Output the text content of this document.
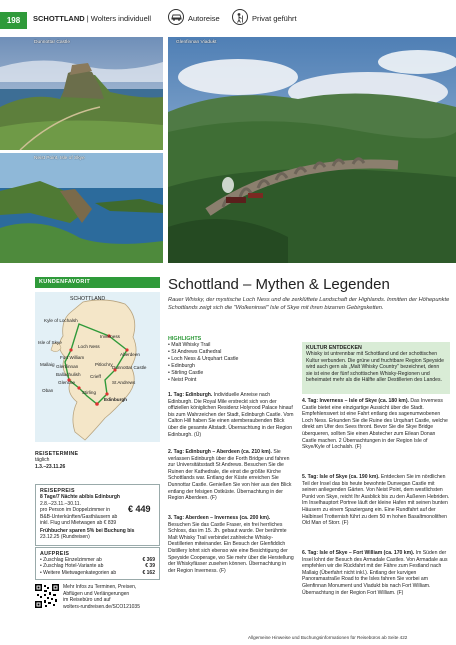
198	SCHOTTLAND | Wolters individuell	Autoreise	Privat geführt
Dunnottar Castle
Neist Point, Isle of Skye
Glenfinnan Viadukt
KUNDENFAVORIT
SCHOTTLAND
Kyle of Lochalsh
Inverness
Aberdeen
Isle of Skye
Fort William
Pitlochry
Ballachulish Crieff
Glencoe	St Andrews
Mallaig
Oban
Edinburgh
Loch Ness
Dunnottar Castle
Stirling
Glenfinnan
REISETERMINE
täglich
1.3.–23.11.26
REISEPREIS
8 Tage/7 Nächte ab/bis Edinburgh
2.8.–23.11.–30.11.
pro Person im Doppelzimmer in
B&B-Unterkünften/Gasthäusern ab
inkl. Flug und Mietwagen ab € 839
Frühbucher sparen 5% bei Buchung bis
23.12.25 (Rundreisen)
€ 449
AUFPREIS
• Zuschlag Einzelzimmer ab	€ 369
• Zuschlag Hotel-Variante ab	€ 39
• Weitere Mietwagenkategorien ab	€ 162
Mehr Infos zu Terminen, Preisen,
Abflügen und Verlängerungen
im Reisebüro und auf
wolters-rundreisen.de/SCO121035
Schottland – Mythen & Legenden
Rauer Whisky, der mystische Loch Ness und die zerklüftete Landschaft der Highlands. Inmitten der Höhepunkte Schottlands zeigt sich die "Wolkeninsel" Isle of Skye mit ihren bizarren Gebirgsketten.
HIGHLIGHTS
• Malt Whisky Trail
• St Andrews Cathedral
• Loch Ness & Urquhart Castle
• Edinburgh
• Stirling Castle
• Neist Point
KULTUR ENTDECKEN
Whisky ist untrennbar mit Schottland und der schottischen Kultur verbunden. Die grüne und fruchtbare Region Speyside wird auch gern als „Malt Whisky Country" bezeichnet, denn sie ist eine der fünf schottischen Whisky-Regionen und beheimatet mehr als die Hälfte aller Destillerien des Landes.
1. Tag: Edinburgh. Individuelle Anreise nach Edinburgh. Die Royal Mile erstreckt sich von der offiziellen königlichen Residenz Holyrood Palace hinauf bis zum Wahrzeichen der Stadt, Edinburgh Castle. Vom Calton Hill haben Sie einen atemberaubenden Blick über die gesamte Altstadt. Übernachtung in der Region Edinburgh. (Ü)
2. Tag: Edinburgh – Aberdeen (ca. 210 km). Sie verlassen Edinburgh über die Forth Bridge und fahren zur Universitätsstadt St Andrews. Besuchen Sie die Ruinen der Kathedrale, die einst die größte Kirche Schottlands war. Entlang der Küste erreichen Sie Dunnottar Castle. Genießen Sie von hier aus den Blick entlang der felsigen Ostküste. Übernachtung in der Region Aberdeen. (F)
3. Tag: Aberdeen – Inverness (ca. 200 km). Besuchen Sie das Castle Fraser, ein frei herrliches Schloss, das im 15. Jh. gebaut wurde. Der berühmte Malt Whisky Trail verbindet zahlreiche Whisky-Destillerien miteinander. Ein Besuch der Glenfiddich Distillery lohnt sich ebenso wie eine Besichtigung der Speyside Cooperage, wo Sie mehr über die Herstellung der Whiskyfässer zusehen können. Übernachtung in der Region Inverness. (F)
4. Tag: Inverness – Isle of Skye (ca. 180 km). Das Inverness Castle bietet eine einzigartige Aussicht über die Stadt. Empfehlenswert ist eine Fahrt entlang des sagenumwobenen Loch Ness. Erkunden Sie die Ruine des Urquhart Castle, welche direkt am Ufer des Sees thront. Bevor Sie die Skye Bridge überqueren, sollten Sie einen Abstecher zum Eilean Donan Castle machen. 2 Übernachtungen in der Region Isle of Skye/Kyle of Lochalsh. (F)
5. Tag: Isle of Skye (ca. 190 km). Entdecken Sie im nördlichen Teil der Insel das bis heute bewohnte Dunvegan Castle mit seinen anliegenden Gärten. Von Neist Point, dem westlichsten Punkt von Skye, reicht Ihr Ausblick bis zu den Äußeren Hebriden. Im Inselhauptort Portree läuft der kleine Hafen mit seinen bunten Häusern zu einem Spaziergang ein. Eine Rundfahrt auf der Halbinsel Trotternish führt zu dem 50 m hohen Basaltmonolithen Old Man of Storr. (F)
6. Tag: Isle of Skye – Fort William (ca. 170 km). Im Süden der Insel lohnt der Besuch des Armadale Castles. Von Armadale aus empfehlen wir die Rückfahrt mit der Fähre zum Festland nach Mallaig (Überfahrt nicht inkl.). Entlang der kurvigen Panoramastraße Road to the Isles fahren Sie vorbei am Glenfinnan Monument und Viadukt bis nach Fort William. Übernachtung in der Region Fort William. (F)
Allgemeine Hinweise und Buchungsinformationen für Reisebüros ab Seite 422
